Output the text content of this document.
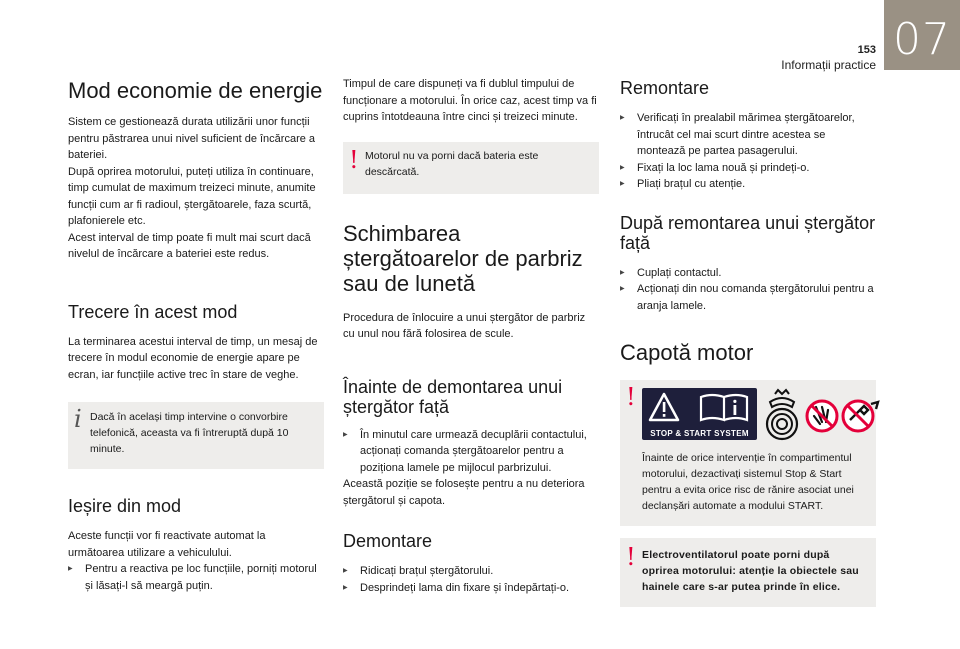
07
153
Informații practice
Mod economie de energie

Sistem ce gestionează durata utilizării unor funcții pentru păstrarea unui nivel suficient de încărcare a bateriei.

După oprirea motorului, puteți utiliza în continuare, timp cumulat de maximum treizeci minute, anumite funcții cum ar fi radioul, ștergătoarele, faza scurtă, plafonierele etc.

Acest interval de timp poate fi mult mai scurt dacă nivelul de încărcare a bateriei este redus.

Trecere în acest mod

La terminarea acestui interval de timp, un mesaj de trecere în modul economie de energie apare pe ecran, iar funcțiile active trec în stare de veghe.

i Dacă în același timp intervine o convorbire telefonică, aceasta va fi întreruptă după 10 minute.

Ieșire din mod

Aceste funcții vor fi reactivate automat la următoarea utilizare a vehiculului.

▶ Pentru a reactiva pe loc funcțiile, porniți motorul și lăsați-l să meargă puțin.

Timpul de care dispuneți va fi dublul timpului de funcționare a motorului. În orice caz, acest timp va fi cuprins întotdeauna între cinci și treizeci minute.

! Motorul nu va porni dacă bateria este descărcată.

Schimbarea ștergătoarelor de parbriz sau de lunetă

Procedura de înlocuire a unui ștergător de parbriz cu unul nou fără folosirea de scule.

Înainte de demontarea unui ștergător față
▶ În minutul care urmează decuplării contactului, acționați comanda ștergătoarelor pentru a poziționa lamele pe mijlocul parbrizului.

Această poziție se folosește pentru a nu deteriora ștergătorul și capota.

Demontare
▶ Ridicați brațul ștergătorului.
▶ Desprindeți lama din fixare și îndepărtați-o.
Remontare
▶ Verificați în prealabil mărimea ștergătoarelor, întrucât cel mai scurt dintre acestea se montează pe partea pasagerului.
▶ Fixați la loc lama nouă și prindeți-o.
▶ Pliați brațul cu atenție.
După remontarea unui ștergător față
▶ Cuplați contactul.
▶ Acționați din nou comanda ștergătorului pentru a aranja lamele.
Capotă motor
!
STOP & START SYSTEM

Înainte de orice intervenție în compartimentul motorului, dezactivați sistemul Stop & Start pentru a evita orice risc de rănire asociat unei declanșări automate a modului START.

! Electroventilatorul poate porni după oprirea motorului: atenție la obiectele sau hainele care s-ar putea prinde în elice.
